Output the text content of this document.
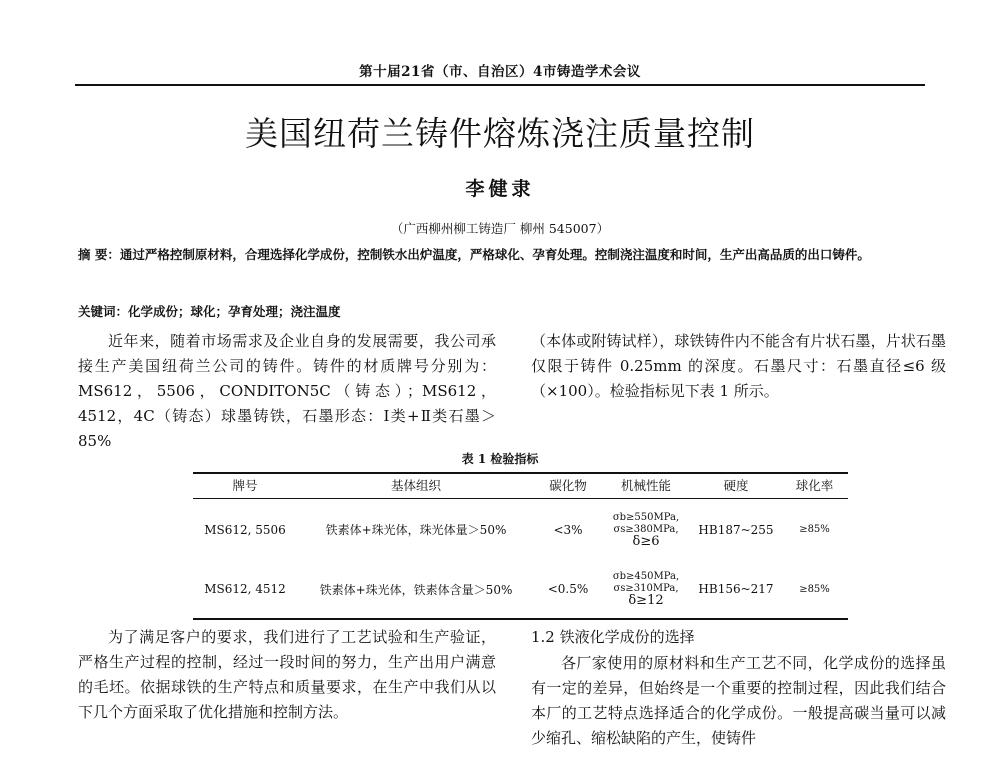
第十届21省（市、自治区）4市铸造学术会议
美国纽荷兰铸件熔炼浇注质量控制
李健隶
（广西柳州柳工铸造厂 柳州 545007）
摘 要：通过严格控制原材料，合理选择化学成份，控制铁水出炉温度，严格球化、孕育处理。控制浇注温度和时间，生产出高品质的出口铸件。
关键词：化学成份；球化；孕育处理；浇注温度
近年来，随着市场需求及企业自身的发展需要，我公司承接生产美国纽荷兰公司的铸件。铸件的材质牌号分别为：MS612，5506，CONDITON5C（铸态）；MS612，4512，4C（铸态）球墨铸铁，石墨形态：Ⅰ类+Ⅱ类石墨＞85%
（本体或附铸试样），球铁铸件内不能含有片状石墨，片状石墨仅限于铸件 0.25mm 的深度。石墨尺寸：石墨直径≤6 级（×100）。检验指标见下表 1 所示。
表 1 检验指标
牌号	基体组织	碳化物	机械性能	硬度	球化率
MS612, 5506	铁素体+珠光体，珠光体量＞50%	<3%	σb≥550MPa,
σs≥380MPa,
δ≥6	HB187~255	≥85%
MS612, 4512	铁素体+珠光体，铁素体含量＞50%	<0.5%	σb≥450MPa,
σs≥310MPa,
δ≥12	HB156~217	≥85%
为了满足客户的要求，我们进行了工艺试验和生产验证，严格生产过程的控制，经过一段时间的努力，生产出用户满意的毛坯。依据球铁的生产特点和质量要求，在生产中我们从以下几个方面采取了优化措施和控制方法。
1.2 铁液化学成份的选择
各厂家使用的原材料和生产工艺不同，化学成份的选择虽有一定的差异，但始终是一个重要的控制过程，因此我们结合本厂的工艺特点选择适合的化学成份。一般提高碳当量可以减少缩孔、缩松缺陷的产生，使铸件
